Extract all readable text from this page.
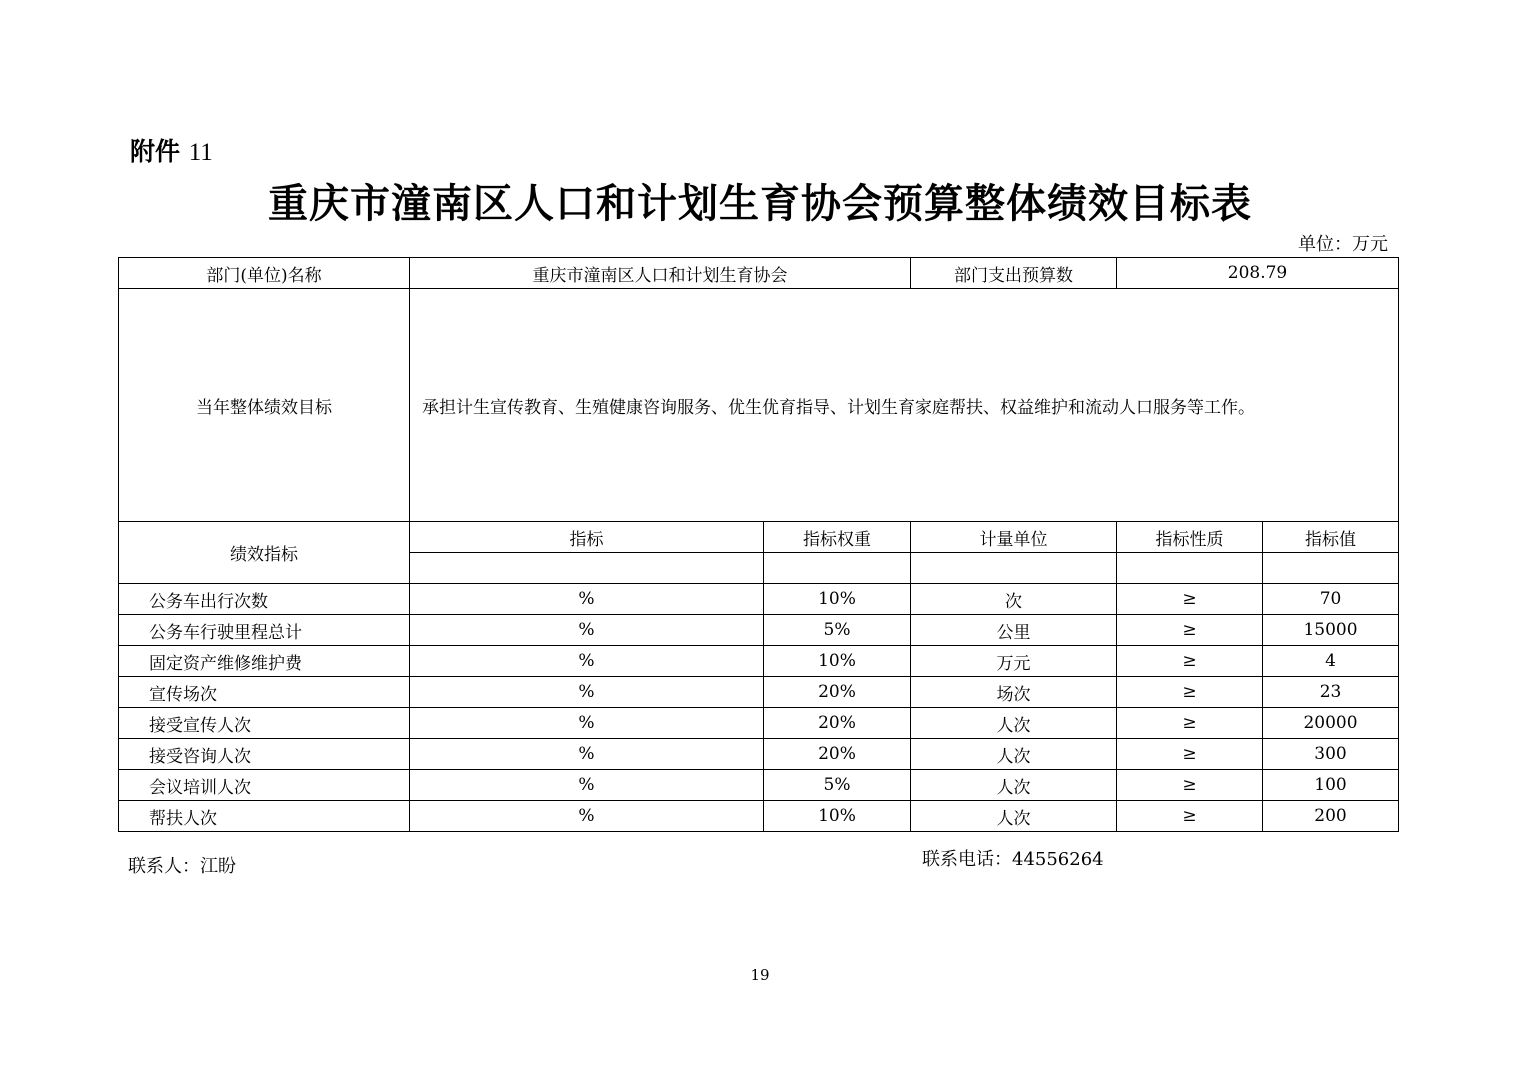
附件 11
重庆市潼南区人口和计划生育协会预算整体绩效目标表
单位：万元
部门(单位)名称	重庆市潼南区人口和计划生育协会		部门支出预算数	208.79	
当年整体绩效目标	承担计生宣传教育、生殖健康咨询服务、优生优育指导、计划生育家庭帮扶、权益维护和流动人口服务等工作。				
绩效指标	指标	指标权重	计量单位	指标性质	指标值

公务车出行次数	%	10%	次	≥	70
公务车行驶里程总计	%	5%	公里	≥	15000
固定资产维修维护费	%	10%	万元	≥	4
宣传场次	%	20%	场次	≥	23
接受宣传人次	%	20%	人次	≥	20000
接受咨询人次	%	20%	人次	≥	300
会议培训人次	%	5%	人次	≥	100
帮扶人次	%	10%	人次	≥	200
联系人：江盼	联系电话：44556264
19
